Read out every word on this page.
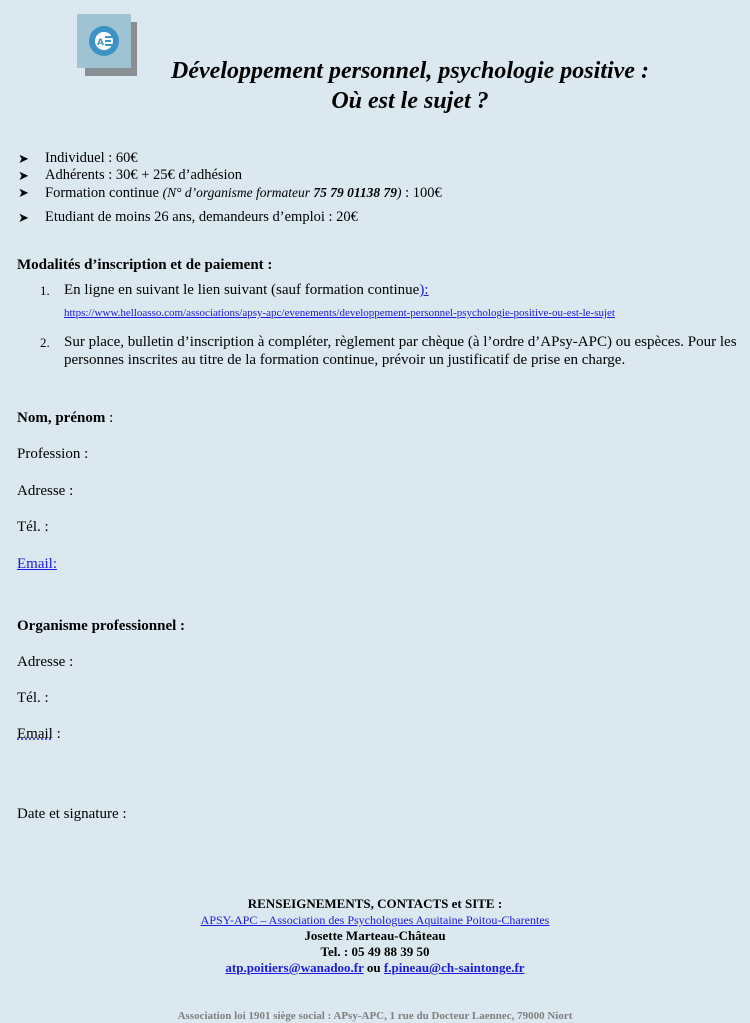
A
Développement personnel, psychologie positive :
Où est le sujet ?
➤ Individuel : 60€
➤ Adhérents : 30€ + 25€ d’adhésion
➤ Formation continue (N° d’organisme formateur 75 79 01138 79) : 100€
➤ Etudiant de moins 26 ans, demandeurs d’emploi : 20€
Modalités d’inscription et de paiement :
1. En ligne en suivant le lien suivant (sauf formation continue):
https://www.helloasso.com/associations/apsy-apc/evenements/developpement-personnel-psychologie-positive-ou-est-le-sujet
2. Sur place, bulletin d’inscription à compléter, règlement par chèque (à l’ordre d’APsy-APC) ou espèces. Pour les personnes inscrites au titre de la formation continue, prévoir un justificatif de prise en charge.
Nom, prénom :
Profession :
Adresse :
Tél. :
Email:
Organisme professionnel :
Adresse :
Tél. :
Email :
Date et signature :
RENSEIGNEMENTS, CONTACTS et SITE :
APSY-APC – Association des Psychologues Aquitaine Poitou-Charentes
Josette Marteau-Château
Tel. : 05 49 88 39 50
atp.poitiers@wanadoo.fr ou f.pineau@ch-saintonge.fr
Association loi 1901 siège social : APsy-APC, 1 rue du Docteur Laennec, 79000 Niort
